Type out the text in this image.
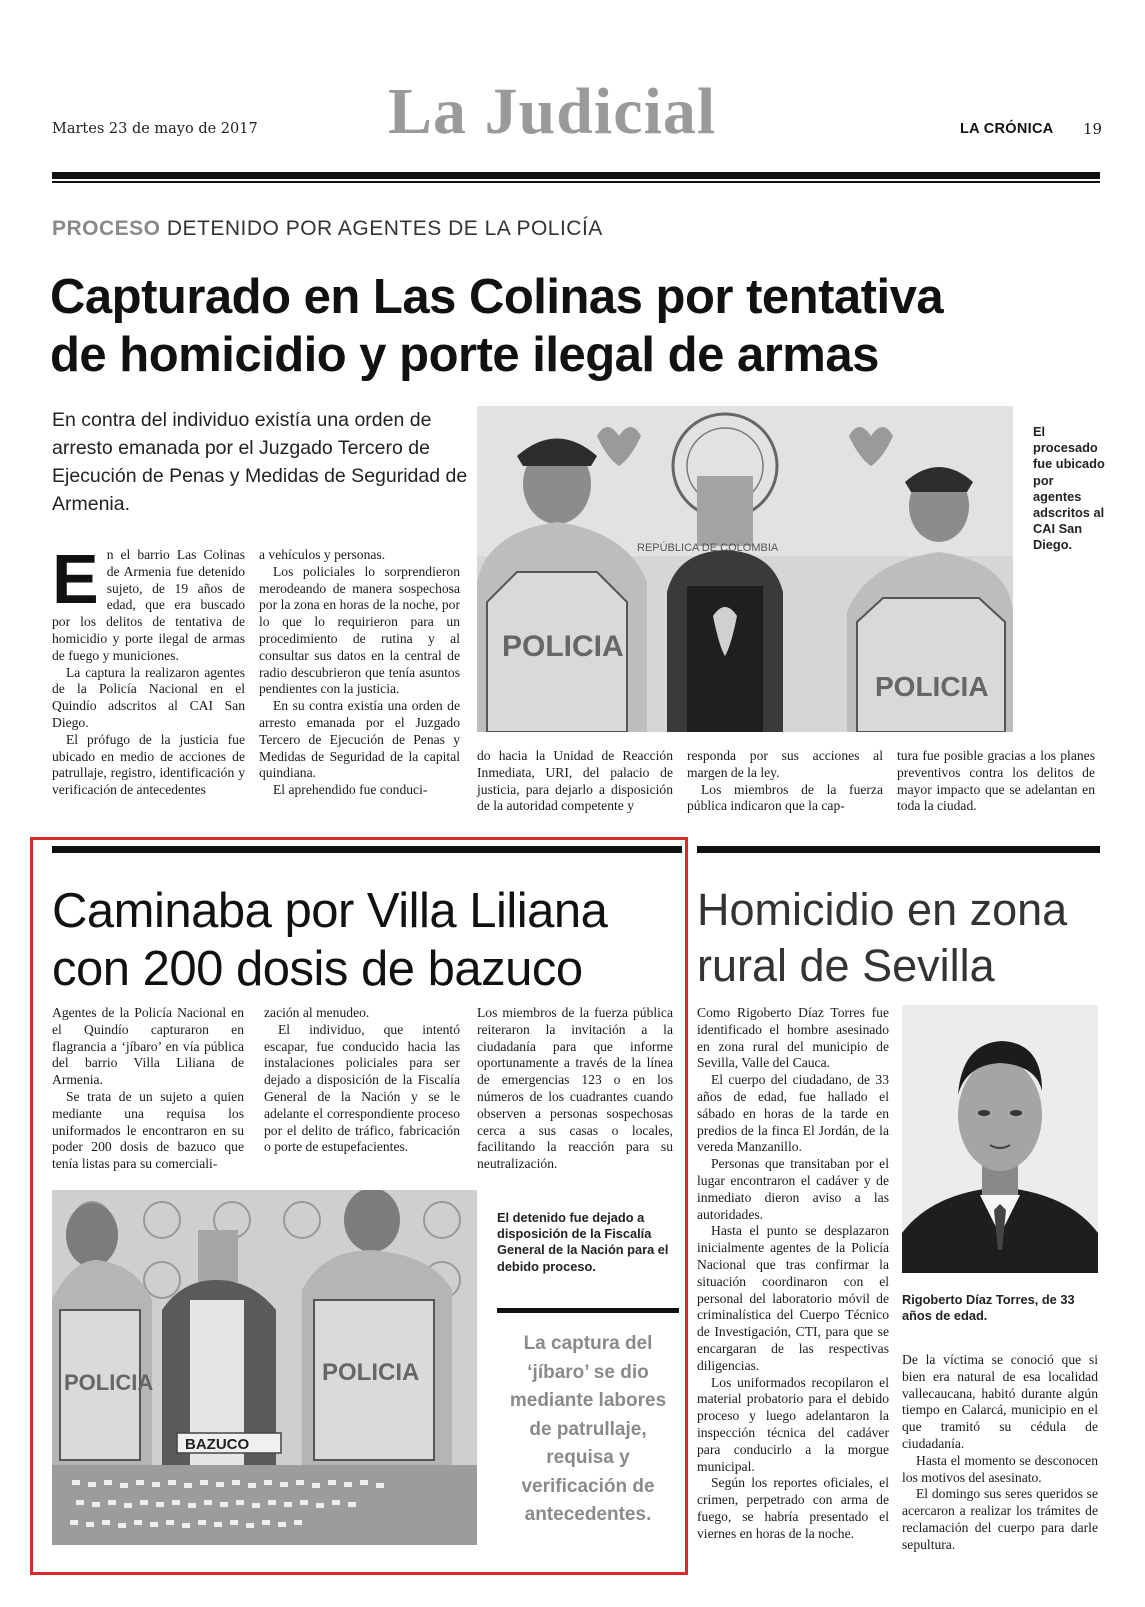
Martes 23 de mayo de 2017 La Judicial	LA CRÓNICA 19
PROCESO DETENIDO POR AGENTES DE LA POLICÍA
Capturado en Las Colinas por tentativa
de homicidio y porte ilegal de armas
En contra del individuo existía una orden de arresto emanada por el Juzgado Tercero de Ejecución de Penas y Medidas de Seguridad de Armenia.

En el barrio Las Colinas de Armenia fue detenido sujeto, de 19 años de edad, que era buscado por los delitos de tentativa de homicidio y porte ilegal de armas de fuego y municiones.

La captura la realizaron agentes de la Policía Nacional en el Quindío adscritos al CAI San Diego.

El prófugo de la justicia fue ubicado en medio de acciones de patrullaje, registro, identificación y verificación de antecedentes

a vehículos y personas.

Los policiales lo sorprendieron merodeando de manera sospechosa por la zona en horas de la noche, por lo que lo requirieron para un procedimiento de rutina y al consultar sus datos en la central de radio descubrieron que tenía asuntos pendientes con la justicia.

En su contra existía una orden de arresto emanada por el Juzgado Tercero de Ejecución de Penas y Medidas de Seguridad de la capital quindiana.

El aprehendido fue conduci-

POLICIA
POLICIA
REPÚBLICA DE COLOMBIA
El procesado fue ubicado por agentes adscritos al CAI San Diego.

do hacia la Unidad de Reacción Inmediata, URI, del palacio de justicia, para dejarlo a disposición de la autoridad competente y

responda por sus acciones al margen de la ley.

Los miembros de la fuerza pública indicaron que la cap-

tura fue posible gracias a los planes preventivos contra los delitos de mayor impacto que se adelantan en toda la ciudad.

Caminaba por Villa Liliana
con 200 dosis de bazuco

Agentes de la Policía Nacional en el Quindío capturaron en flagrancia a ‘jíbaro’ en vía pública del barrio Villa Liliana de Armenia.

Se trata de un sujeto a quien mediante una requisa los uniformados le encontraron en su poder 200 dosis de bazuco que tenía listas para su comerciali-

zación al menudeo.

El individuo, que intentó escapar, fue conducido hacia las instalaciones policiales para ser dejado a disposición de la Fiscalía General de la Nación y se le adelante el correspondiente proceso por el delito de tráfico, fabricación o porte de estupefacientes.

Los miembros de la fuerza pública reiteraron la invitación a la ciudadanía para que informe oportunamente a través de la línea de emergencias 123 o en los números de los cuadrantes cuando observen a personas sospechosas cerca a sus casas o locales, facilitando la reacción para su neutralización.

POLICIA	POLICIA
BAZUCO
El detenido fue dejado a disposición de la Fiscalía General de la Nación para el debido proceso.
La captura del ‘jíbaro’ se dio mediante labores de patrullaje, requisa y verificación de antecedentes.
Homicidio en zona
rural de Sevilla

Como Rigoberto Díaz Torres fue identificado el hombre asesinado en zona rural del municipio de Sevilla, Valle del Cauca.

El cuerpo del ciudadano, de 33 años de edad, fue hallado el sábado en horas de la tarde en predios de la finca El Jordán, de la vereda Manzanillo.

Personas que transitaban por el lugar encontraron el cadáver y de inmediato dieron aviso a las autoridades.

Hasta el punto se desplazaron inicialmente agentes de la Policía Nacional que tras confirmar la situación coordinaron con el personal del laboratorio móvil de criminalística del Cuerpo Técnico de Investigación, CTI, para que se encargaran de las respectivas diligencias.

Los uniformados recopilaron el material probatorio para el debido proceso y luego adelantaron la inspección técnica del cadáver para conducirlo a la morgue municipal.

Según los reportes oficiales, el crimen, perpetrado con arma de fuego, se habría presentado el viernes en horas de la noche.

Rigoberto Díaz Torres, de 33 años de edad.

De la víctima se conoció que si bien era natural de esa localidad vallecaucana, habitó durante algún tiempo en Calarcá, municipio en el que tramitó su cédula de ciudadanía.

Hasta el momento se desconocen los motivos del asesinato.

El domingo sus seres queridos se acercaron a realizar los trámites de reclamación del cuerpo para darle sepultura.
